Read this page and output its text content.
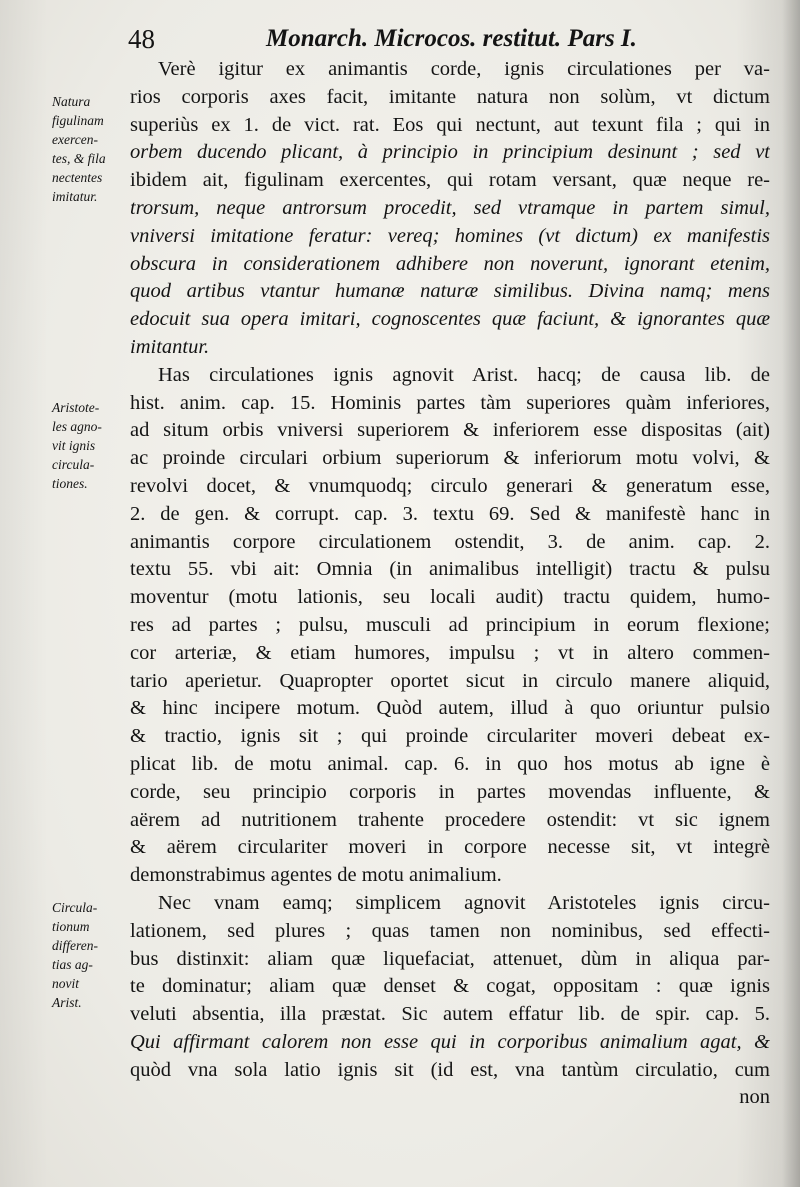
48	Monarch. Microcos. restitut. Pars I.
Natura
figulinam
exercen-
tes, & fila
nectentes
imitatur.
Aristote-
les agno-
vit ignis
circula-
tiones.
Circula-
tionum
differen-
tias ag-
novit
Arist.
Verè igitur ex animantis corde, ignis circulationes per va-
rios corporis axes facit, imitante natura non solùm, vt dictum
superiùs ex 1. de vict. rat. Eos qui nectunt, aut texunt fila ; qui in
orbem ducendo plicant, à principio in principium desinunt ; sed vt
ibidem ait, figulinam exercentes, qui rotam versant, quæ neque re-
trorsum, neque antrorsum procedit, sed vtramque in partem simul,
vniversi imitatione feratur: vereq; homines (vt dictum) ex manifestis
obscura in considerationem adhibere non noverunt, ignorant etenim,
quod artibus vtantur humanæ naturæ similibus. Divina namq; mens
edocuit sua opera imitari, cognoscentes quæ faciunt, & ignorantes quæ
imitantur.
Has circulationes ignis agnovit Arist. hacq; de causa lib. de
hist. anim. cap. 15. Hominis partes tàm superiores quàm inferiores,
ad situm orbis vniversi superiorem & inferiorem esse dispositas (ait)
ac proinde circulari orbium superiorum & inferiorum motu volvi, &
revolvi docet, & vnumquodq; circulo generari & generatum esse,
2. de gen. & corrupt. cap. 3. textu 69. Sed & manifestè hanc in
animantis corpore circulationem ostendit, 3. de anim. cap. 2.
textu 55. vbi ait: Omnia (in animalibus intelligit) tractu & pulsu
moventur (motu lationis, seu locali audit) tractu quidem, humo-
res ad partes ; pulsu, musculi ad principium in eorum flexione;
cor arteriæ, & etiam humores, impulsu ; vt in altero commen-
tario aperietur. Quapropter oportet sicut in circulo manere aliquid,
& hinc incipere motum. Quòd autem, illud à quo oriuntur pulsio
& tractio, ignis sit ; qui proinde circulariter moveri debeat ex-
plicat lib. de motu animal. cap. 6. in quo hos motus ab igne è
corde, seu principio corporis in partes movendas influente, &
aërem ad nutritionem trahente procedere ostendit: vt sic ignem
& aërem circulariter moveri in corpore necesse sit, vt integrè
demonstrabimus agentes de motu animalium.
Nec vnam eamq; simplicem agnovit Aristoteles ignis circu-
lationem, sed plures ; quas tamen non nominibus, sed effecti-
bus distinxit: aliam quæ liquefaciat, attenuet, dùm in aliqua par-
te dominatur; aliam quæ denset & cogat, oppositam : quæ ignis
veluti absentia, illa præstat. Sic autem effatur lib. de spir. cap. 5.
Qui affirmant calorem non esse qui in corporibus animalium agat, &
quòd vna sola latio ignis sit (id est, vna tantùm circulatio, cum
non
